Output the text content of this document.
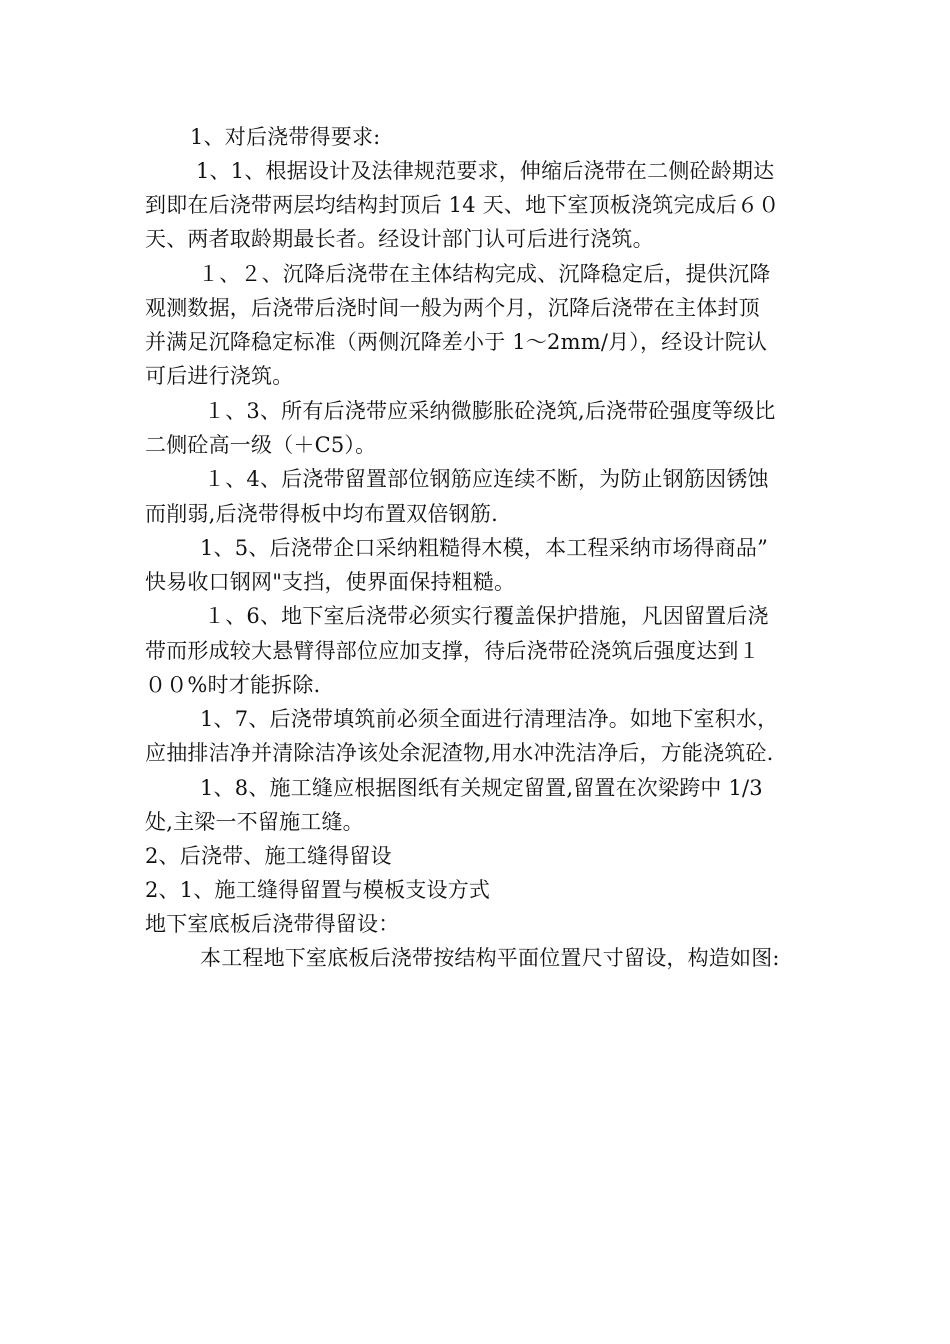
1、对后浇带得要求:
1、1、根据设计及法律规范要求，伸缩后浇带在二侧砼龄期达
到即在后浇带两层均结构封顶后 14 天、地下室顶板浇筑完成后６０
天、两者取龄期最长者。经设计部门认可后进行浇筑。
１、２、沉降后浇带在主体结构完成、沉降稳定后，提供沉降
观测数据，后浇带后浇时间一般为两个月，沉降后浇带在主体封顶
并满足沉降稳定标准（两侧沉降差小于 1～2mm/月），经设计院认
可后进行浇筑。
１、3、所有后浇带应采纳微膨胀砼浇筑,后浇带砼强度等级比
二侧砼高一级（＋C5）。
１、4、后浇带留置部位钢筋应连续不断，为防止钢筋因锈蚀
而削弱,后浇带得板中均布置双倍钢筋.
1、5、后浇带企口采纳粗糙得木模，本工程采纳市场得商品”
快易收口钢网"支挡，使界面保持粗糙。
１、6、地下室后浇带必须实行覆盖保护措施，凡因留置后浇
带而形成较大悬臂得部位应加支撑，待后浇带砼浇筑后强度达到１
００%时才能拆除.
1、7、后浇带填筑前必须全面进行清理洁净。如地下室积水，
应抽排洁净并清除洁净该处余泥渣物,用水冲洗洁净后，方能浇筑砼.
1、8、施工缝应根据图纸有关规定留置,留置在次梁跨中 1/3
处,主梁一不留施工缝。
2、后浇带、施工缝得留设
2、1、施工缝得留置与模板支设方式
地下室底板后浇带得留设：
本工程地下室底板后浇带按结构平面位置尺寸留设，构造如图:
